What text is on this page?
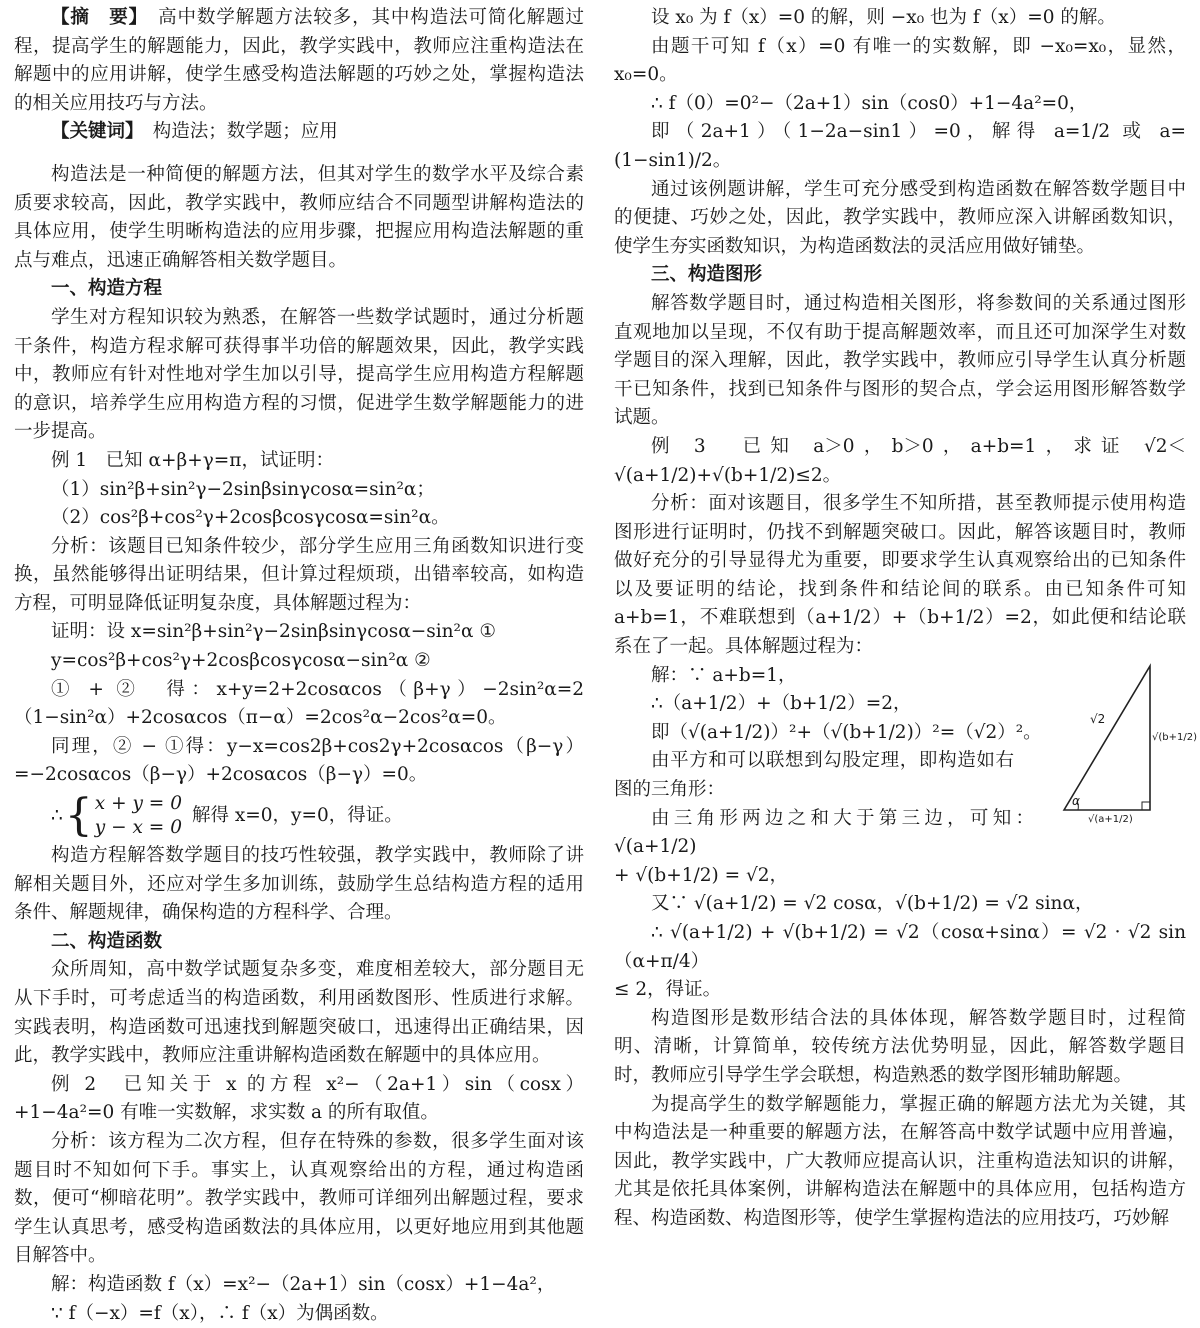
【摘　要】　 高中数学解题方法较多，其中构造法可简化解题过程，提高学生的解题能力，因此，教学实践中，教师应注重构造法在解题中的应用讲解，使学生感受构造法解题的巧妙之处，掌握构造法的相关应用技巧与方法。

【关键词】　 构造法；数学题；应用

构造法是一种简便的解题方法，但其对学生的数学水平及综合素质要求较高，因此，教学实践中，教师应结合不同题型讲解构造法的具体应用，使学生明晰构造法的应用步骤，把握应用构造法解题的重点与难点，迅速正确解答相关数学题目。

一、构造方程

学生对方程知识较为熟悉，在解答一些数学试题时，通过分析题干条件，构造方程求解可获得事半功倍的解题效果，因此，教学实践中，教师应有针对性地对学生加以引导，提高学生应用构造方程解题的意识，培养学生应用构造方程的习惯，促进学生数学解题能力的进一步提高。

例 1　已知 α+β+γ=π，试证明：

（1）sin²β+sin²γ−2sinβsinγcosα=sin²α；

（2）cos²β+cos²γ+2cosβcosγcosα=sin²α。

分析：该题目已知条件较少，部分学生应用三角函数知识进行变换，虽然能够得出证明结果，但计算过程烦琐，出错率较高，如构造方程，可明显降低证明复杂度，具体解题过程为：

证明：设 x=sin²β+sin²γ−2sinβsinγcosα−sin²α ①

y=cos²β+cos²γ+2cosβcosγcosα−sin²α ②

① + ②　得：x+y=2+2cosαcos（β+γ）−2sin²α=2（1−sin²α）+2cosαcos（π−α）=2cos²α−2cos²α=0。

同理，② − ①得：y−x=cos2β+cos2γ+2cosαcos（β−γ）=−2cosαcos（β−γ）+2cosαcos（β−γ）=0。

∴ { x + y = 0
y − x = 0
解得 x=0，y=0，得证。

构造方程解答数学题目的技巧性较强，教学实践中，教师除了讲解相关题目外，还应对学生多加训练，鼓励学生总结构造方程的适用条件、解题规律，确保构造的方程科学、合理。

二、构造函数

众所周知，高中数学试题复杂多变，难度相差较大，部分题目无从下手时，可考虑适当的构造函数，利用函数图形、性质进行求解。实践表明，构造函数可迅速找到解题突破口，迅速得出正确结果，因此，教学实践中，教师应注重讲解构造函数在解题中的具体应用。

例 2　已知关于 x 的方程 x²−（2a+1）sin（cosx）+1−4a²=0 有唯一实数解，求实数 a 的所有取值。

分析：该方程为二次方程，但存在特殊的参数，很多学生面对该题目时不知如何下手。事实上，认真观察给出的方程，通过构造函数，便可“柳暗花明”。教学实践中，教师可详细列出解题过程，要求学生认真思考，感受构造函数法的具体应用，以更好地应用到其他题目解答中。

解：构造函数 f（x）=x²−（2a+1）sin（cosx）+1−4a²，

∵ f（−x）=f（x），∴ f（x）为偶函数。

设 x₀ 为 f（x）=0 的解，则 −x₀ 也为 f（x）=0 的解。

由题干可知 f（x）=0 有唯一的实数解，即 −x₀=x₀，显然，x₀=0。

∴ f（0）=0²−（2a+1）sin（cos0）+1−4a²=0，

即（2a+1）（1−2a−sin1）=0，解得 a=1/2 或 a=(1−sin1)/2。

通过该例题讲解，学生可充分感受到构造函数在解答数学题目中的便捷、巧妙之处，因此，教学实践中，教师应深入讲解函数知识，使学生夯实函数知识，为构造函数法的灵活应用做好铺垫。

三、构造图形

解答数学题目时，通过构造相关图形，将参数间的关系通过图形直观地加以呈现，不仅有助于提高解题效率，而且还可加深学生对数学题目的深入理解，因此，教学实践中，教师应引导学生认真分析题干已知条件，找到已知条件与图形的契合点，学会运用图形解答数学试题。

例 3　已知 a＞0，b＞0，a+b=1，求证 √2＜√(a+1/2)+√(b+1/2)≤2。

分析：面对该题目，很多学生不知所措，甚至教师提示使用构造图形进行证明时，仍找不到解题突破口。因此，解答该题目时，教师做好充分的引导显得尤为重要，即要求学生认真观察给出的已知条件以及要证明的结论，找到条件和结论间的联系。由已知条件可知 a+b=1，不难联想到（a+1/2）+（b+1/2）=2，如此便和结论联系在了一起。具体解题过程为：

解：∵ a+b=1，

∴（a+1/2）+（b+1/2）=2，

即（√(a+1/2)）²+（√(b+1/2)）²=（√2）²。

由平方和可以联想到勾股定理，即构造如右图的三角形：

由三角形两边之和大于第三边，可知：√(a+1/2)

+ √(b+1/2) = √2，

又∵ √(a+1/2) = √2 cosα，√(b+1/2) = √2 sinα，

∴ √(a+1/2) + √(b+1/2) = √2（cosα+sinα）= √2 · √2 sin（α+π/4）

≤ 2，得证。

构造图形是数形结合法的具体体现，解答数学题目时，过程简明、清晰，计算简单，较传统方法优势明显，因此，解答数学题目时，教师应引导学生学会联想，构造熟悉的数学图形辅助解题。

为提高学生的数学解题能力，掌握正确的解题方法尤为关键，其中构造法是一种重要的解题方法，在解答高中数学试题中应用普遍，因此，教学实践中，广大教师应提高认识，注重构造法知识的讲解，尤其是依托具体案例，讲解构造法在解题中的具体应用，包括构造方程、构造函数、构造图形等，使学生掌握构造法的应用技巧，巧妙解

√2
√(b+1/2)
√(a+1/2)
α
